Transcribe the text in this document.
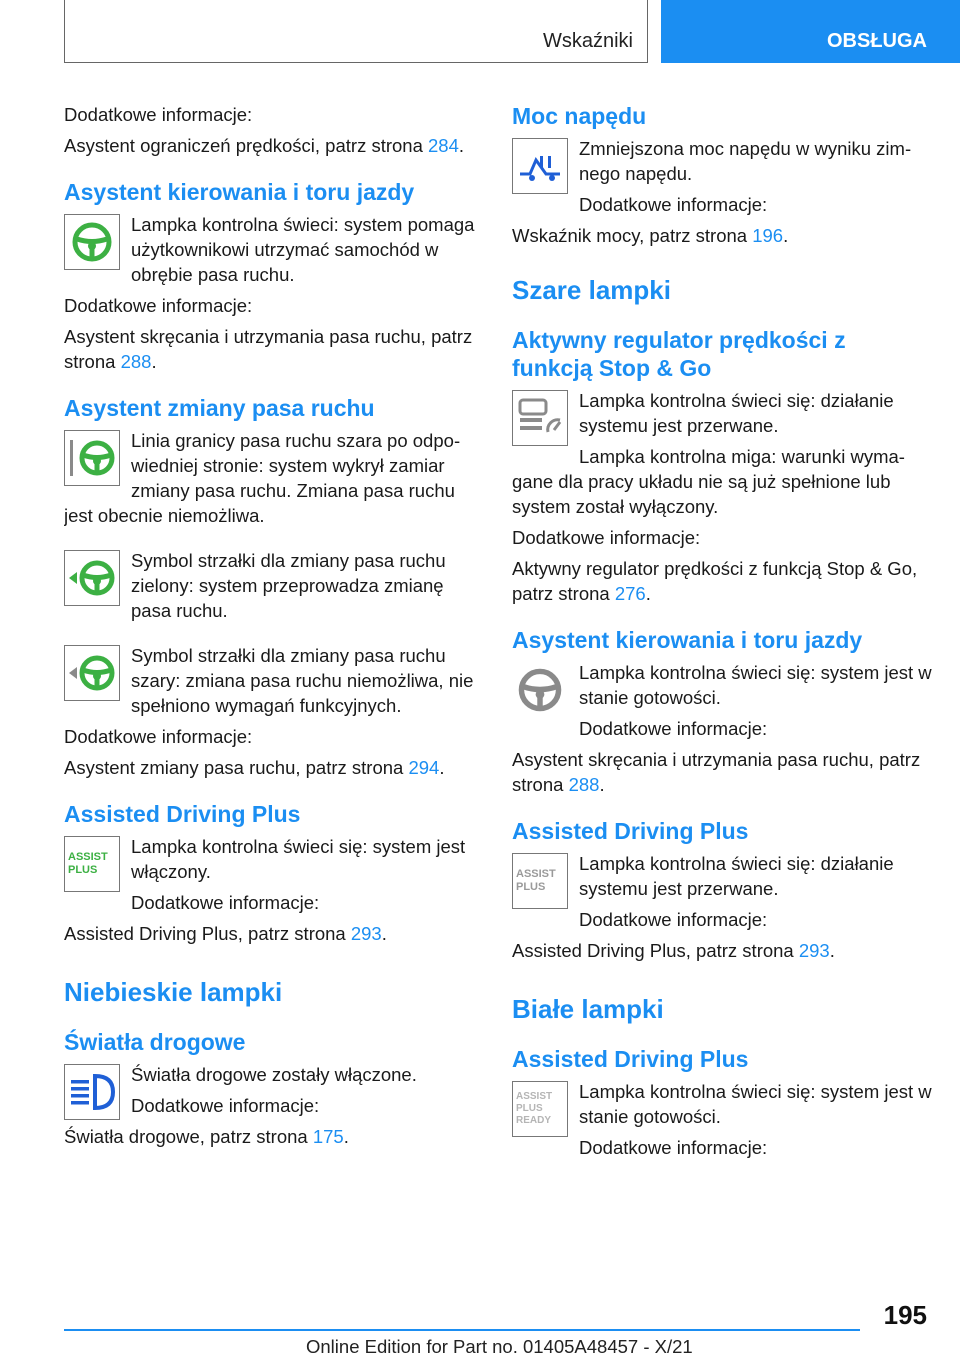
Wskaźniki	OBSŁUGA

Dodatkowe informacje:

Asystent ograniczeń prędkości, patrz strona 284.

Asystent kierowania i toru jazdy

Lampka kontrolna świeci: system pomaga użytkownikowi utrzymać samochód w obrębie pasa ruchu.

Dodatkowe informacje:

Asystent skręcania i utrzymania pasa ruchu, patrz strona 288.

Asystent zmiany pasa ruchu

Linia granicy pasa ruchu szara po odpowiedniej stronie: system wykrył zamiar zmiany pasa ruchu. Zmiana pasa ruchu jest obecnie niemożliwa.

Symbol strzałki dla zmiany pasa ruchu zielony: system przeprowadza zmianę pasa ruchu.

Symbol strzałki dla zmiany pasa ruchu szary: zmiana pasa ruchu niemożliwa, nie spełniono wymagań funkcyjnych.

Dodatkowe informacje:

Asystent zmiany pasa ruchu, patrz strona 294.

Assisted Driving Plus
ASSIST PLUS

Lampka kontrolna świeci się: system jest włączony.

Dodatkowe informacje:

Assisted Driving Plus, patrz strona 293.

Niebieskie lampki
Światła drogowe

Światła drogowe zostały włączone.

Dodatkowe informacje:

Światła drogowe, patrz strona 175.

Moc napędu

Zmniejszona moc napędu w wyniku zimnego napędu.

Dodatkowe informacje:

Wskaźnik mocy, patrz strona 196.

Szare lampki
Aktywny regulator prędkości z funkcją Stop & Go

Lampka kontrolna świeci się: działanie systemu jest przerwane.

Lampka kontrolna miga: warunki wymagane dla pracy układu nie są już spełnione lub system został wyłączony.

Dodatkowe informacje:

Aktywny regulator prędkości z funkcją Stop & Go, patrz strona 276.

Asystent kierowania i toru jazdy

Lampka kontrolna świeci się: system jest w stanie gotowości.

Dodatkowe informacje:

Asystent skręcania i utrzymania pasa ruchu, patrz strona 288.

Assisted Driving Plus
ASSIST PLUS

Lampka kontrolna świeci się: działanie systemu jest przerwane.

Dodatkowe informacje:

Assisted Driving Plus, patrz strona 293.

Białe lampki
Assisted Driving Plus
ASSIST PLUS READY

Lampka kontrolna świeci się: system jest w stanie gotowości.

Dodatkowe informacje:

195
Online Edition for Part no. 01405A48457 - X/21
